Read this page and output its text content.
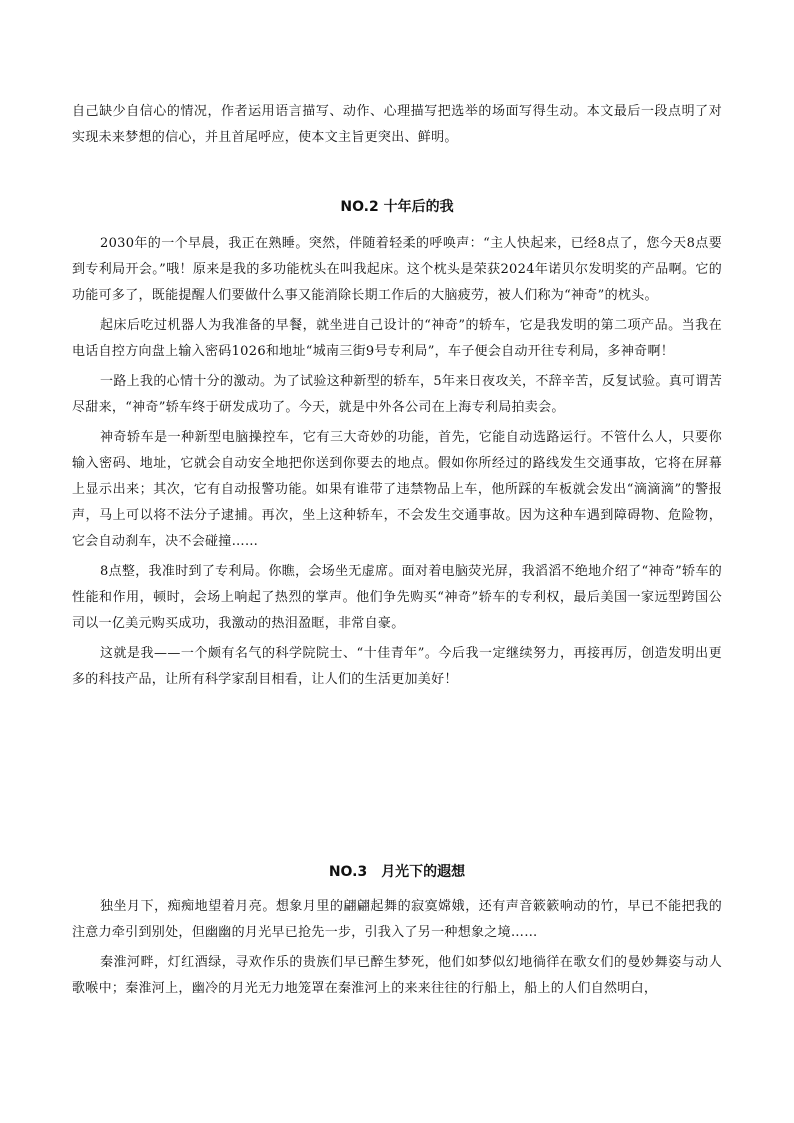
自己缺少自信心的情况，作者运用语言描写、动作、心理描写把选举的场面写得生动。本文最后一段点明了对实现未来梦想的信心，并且首尾呼应，使本文主旨更突出、鲜明。

NO.2 十年后的我

2030年的一个早晨，我正在熟睡。突然，伴随着轻柔的呼唤声：“主人快起来，已经8点了，您今天8点要到专利局开会。”哦！原来是我的多功能枕头在叫我起床。这个枕头是荣获2024年诺贝尔发明奖的产品啊。它的功能可多了，既能提醒人们要做什么事又能消除长期工作后的大脑疲劳，被人们称为“神奇”的枕头。

起床后吃过机器人为我准备的早餐，就坐进自己设计的“神奇”的轿车，它是我发明的第二项产品。当我在电话自控方向盘上输入密码1026和地址“城南三街9号专利局”，车子便会自动开往专利局，多神奇啊！

一路上我的心情十分的激动。为了试验这种新型的轿车，5年来日夜攻关，不辞辛苦，反复试验。真可谓苦尽甜来，“神奇”轿车终于研发成功了。今天，就是中外各公司在上海专利局拍卖会。

神奇轿车是一种新型电脑操控车，它有三大奇妙的功能，首先，它能自动选路运行。不管什么人，只要你输入密码、地址，它就会自动安全地把你送到你要去的地点。假如你所经过的路线发生交通事故，它将在屏幕上显示出来；其次，它有自动报警功能。如果有谁带了违禁物品上车，他所踩的车板就会发出“滴滴滴”的警报声，马上可以将不法分子逮捕。再次，坐上这种轿车，不会发生交通事故。因为这种车遇到障碍物、危险物，它会自动刹车，决不会碰撞……

8点整，我准时到了专利局。你瞧，会场坐无虚席。面对着电脑荧光屏，我滔滔不绝地介绍了“神奇”轿车的性能和作用，顿时，会场上响起了热烈的掌声。他们争先购买“神奇”轿车的专利权，最后美国一家远型跨国公司以一亿美元购买成功，我激动的热泪盈眶，非常自豪。

这就是我——一个颇有名气的科学院院士、“十佳青年”。今后我一定继续努力，再接再厉，创造发明出更多的科技产品，让所有科学家刮目相看，让人们的生活更加美好！

NO.3 月光下的遐想

独坐月下，痴痴地望着月亮。想象月里的翩翩起舞的寂寞嫦娥，还有声音簌簌响动的竹，早已不能把我的注意力牵引到别处，但幽幽的月光早已抢先一步，引我入了另一种想象之境……

秦淮河畔，灯红酒绿，寻欢作乐的贵族们早已醉生梦死，他们如梦似幻地徜徉在歌女们的曼妙舞姿与动人歌喉中；秦淮河上，幽冷的月光无力地笼罩在秦淮河上的来来往往的行船上，船上的人们自然明白，
